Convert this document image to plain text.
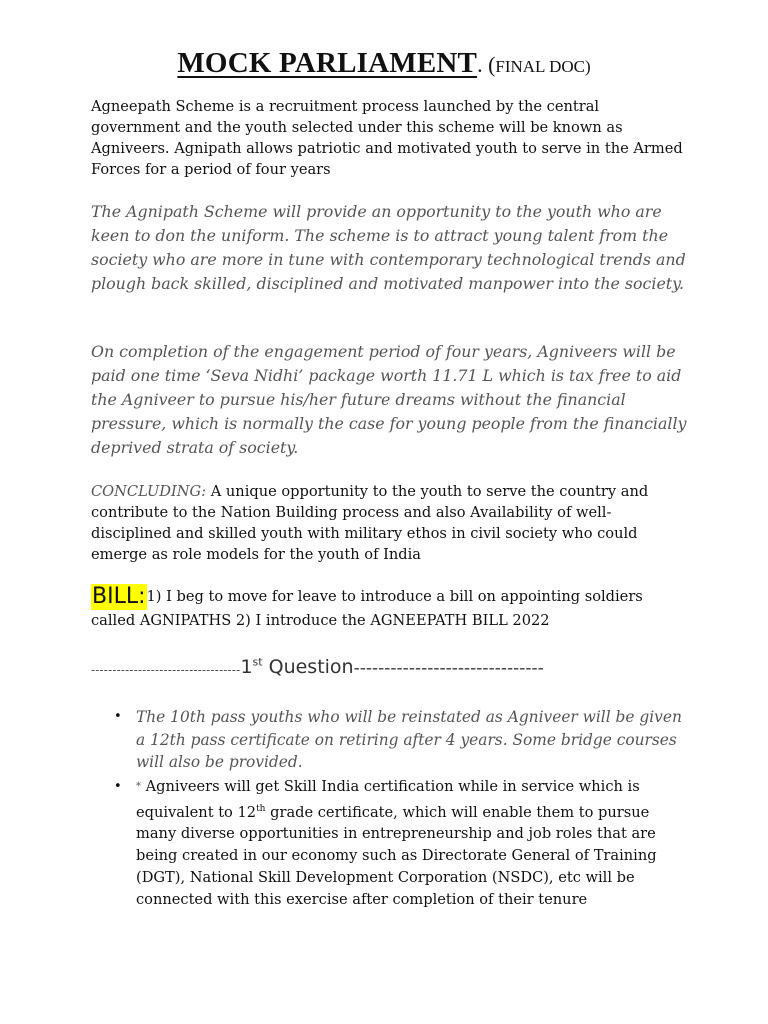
MOCK PARLIAMENT. (FINAL DOC)
Agneepath Scheme is a recruitment process launched by the central government and the youth selected under this scheme will be known as Agniveers. Agnipath allows patriotic and motivated youth to serve in the Armed Forces for a period of four years
The Agnipath Scheme will provide an opportunity to the youth who are keen to don the uniform. The scheme is to attract young talent from the society who are more in tune with contemporary technological trends and plough back skilled, disciplined and motivated manpower into the society.
On completion of the engagement period of four years, Agniveers will be paid one time ‘Seva Nidhi’ package worth 11.71 L which is tax free to aid the Agniveer to pursue his/her future dreams without the financial pressure, which is normally the case for young people from the financially deprived strata of society.
CONCLUDING: A unique opportunity to the youth to serve the country and contribute to the Nation Building process and also Availability of well-disciplined and skilled youth with military ethos in civil society who could emerge as role models for the youth of India
BILL:1) I beg to move for leave to introduce a bill on appointing soldiers called AGNIPATHS 2) I introduce the AGNEEPATH BILL 2022
-----------------------------------1st Question-------------------------------
• The 10th pass youths who will be reinstated as Agniveer will be given a 12th pass certificate on retiring after 4 years. Some bridge courses will also be provided.
• * Agniveers will get Skill India certification while in service which is equivalent to 12th grade certificate, which will enable them to pursue many diverse opportunities in entrepreneurship and job roles that are being created in our economy such as Directorate General of Training (DGT), National Skill Development Corporation (NSDC), etc will be connected with this exercise after completion of their tenure
